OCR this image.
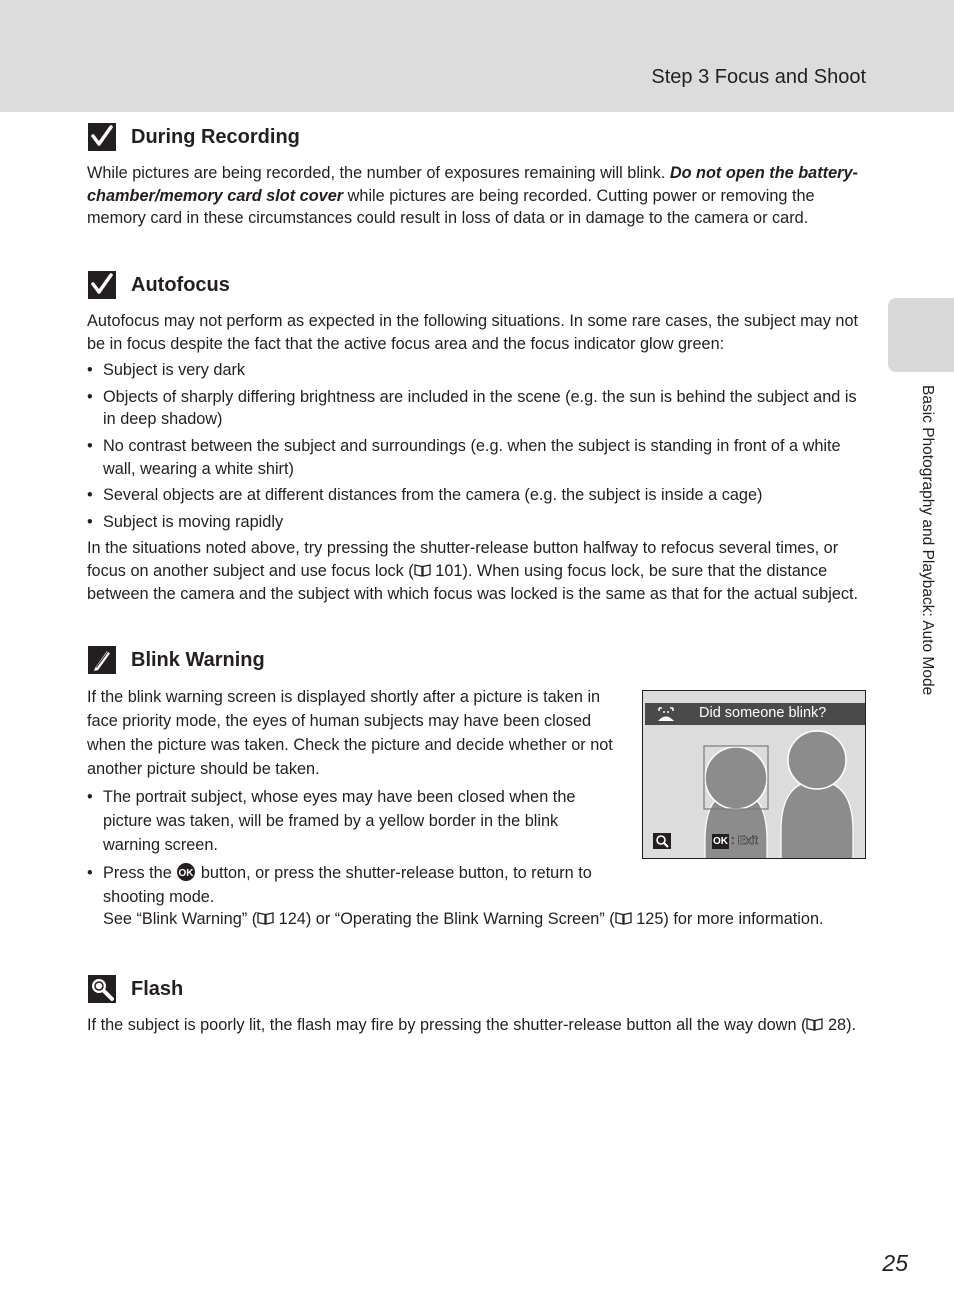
Step 3 Focus and Shoot
Basic Photography and Playback: Auto Mode
During Recording

While pictures are being recorded, the number of exposures remaining will blink. Do not open the battery-chamber/memory card slot cover while pictures are being recorded. Cutting power or removing the memory card in these circumstances could result in loss of data or in damage to the camera or card.

Autofocus

Autofocus may not perform as expected in the following situations. In some rare cases, the subject may not be in focus despite the fact that the active focus area and the focus indicator glow green:

• Subject is very dark
• Objects of sharply differing brightness are included in the scene (e.g. the sun is behind the subject and is in deep shadow)
• No contrast between the subject and surroundings (e.g. when the subject is standing in front of a white wall, wearing a white shirt)
• Several objects are at different distances from the camera (e.g. the subject is inside a cage)
• Subject is moving rapidly

In the situations noted above, try pressing the shutter-release button halfway to refocus several times, or focus on another subject and use focus lock ( 101). When using focus lock, be sure that the distance between the camera and the subject with which focus was locked is the same as that for the actual subject.

Blink Warning

If the blink warning screen is displayed shortly after a picture is taken in face priority mode, the eyes of human subjects may have been closed when the picture was taken. Check the picture and decide whether or not another picture should be taken.

• The portrait subject, whose eyes may have been closed when the picture was taken, will be framed by a yellow border in the blink warning screen.
• Press the OK button, or press the shutter-release button, to return to shooting mode.
See “Blink Warning” ( 124) or “Operating the Blink Warning Screen” ( 125) for more information.
Did someone blink?
OK : Exit
Flash

If the subject is poorly lit, the flash may fire by pressing the shutter-release button all the way down ( 28).

25
